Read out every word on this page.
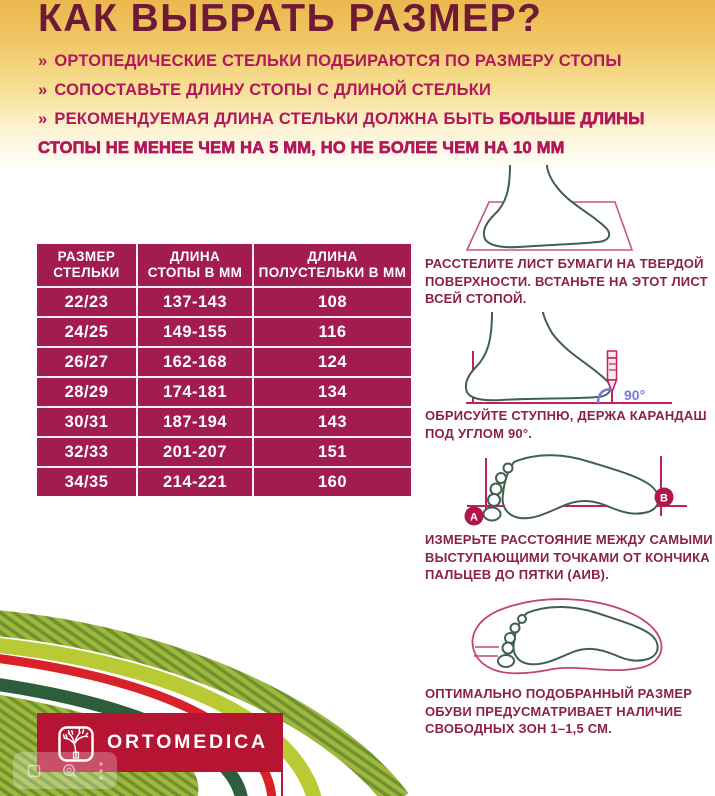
КАК ВЫБРАТЬ РАЗМЕР?
» ОРТОПЕДИЧЕСКИЕ СТЕЛЬКИ ПОДБИРАЮТСЯ ПО РАЗМЕРУ СТОПЫ
» СОПОСТАВЬТЕ ДЛИНУ СТОПЫ С ДЛИНОЙ СТЕЛЬКИ
» РЕКОМЕНДУЕМАЯ ДЛИНА СТЕЛЬКИ ДОЛЖНА БЫТЬ БОЛЬШЕ ДЛИНЫ СТОПЫ НЕ МЕНЕЕ ЧЕМ НА 5 ММ, НО НЕ БОЛЕЕ ЧЕМ НА 10 ММ
РАЗМЕР СТЕЛЬКИ	ДЛИНА СТОПЫ В ММ	ДЛИНА ПОЛУСТЕЛЬКИ В ММ
22/23	137-143	108
24/25	149-155	116
26/27	162-168	124
28/29	174-181	134
30/31	187-194	143
32/33	201-207	151
34/35	214-221	160

РАССТЕЛИТЕ ЛИСТ БУМАГИ НА ТВЕРДОЙ ПОВЕРХНОСТИ. ВСТАНЬТЕ НА ЭТОТ ЛИСТ ВСЕЙ СТОПОЙ.

90°

ОБРИСУЙТЕ СТУПНЮ, ДЕРЖА КАРАНДАШ ПОД УГЛОМ 90°.

А
В

ИЗМЕРЬТЕ РАССТОЯНИЕ МЕЖДУ САМЫМИ ВЫСТУПАЮЩИМИ ТОЧКАМИ ОТ КОНЧИКА ПАЛЬЦЕВ ДО ПЯТКИ (АИВ).

ОПТИМАЛЬНО ПОДОБРАННЫЙ РАЗМЕР ОБУВИ ПРЕДУСМАТРИВАЕТ НАЛИЧИЕ СВОБОДНЫХ ЗОН 1–1,5 СМ.

ORTOMEDICA
